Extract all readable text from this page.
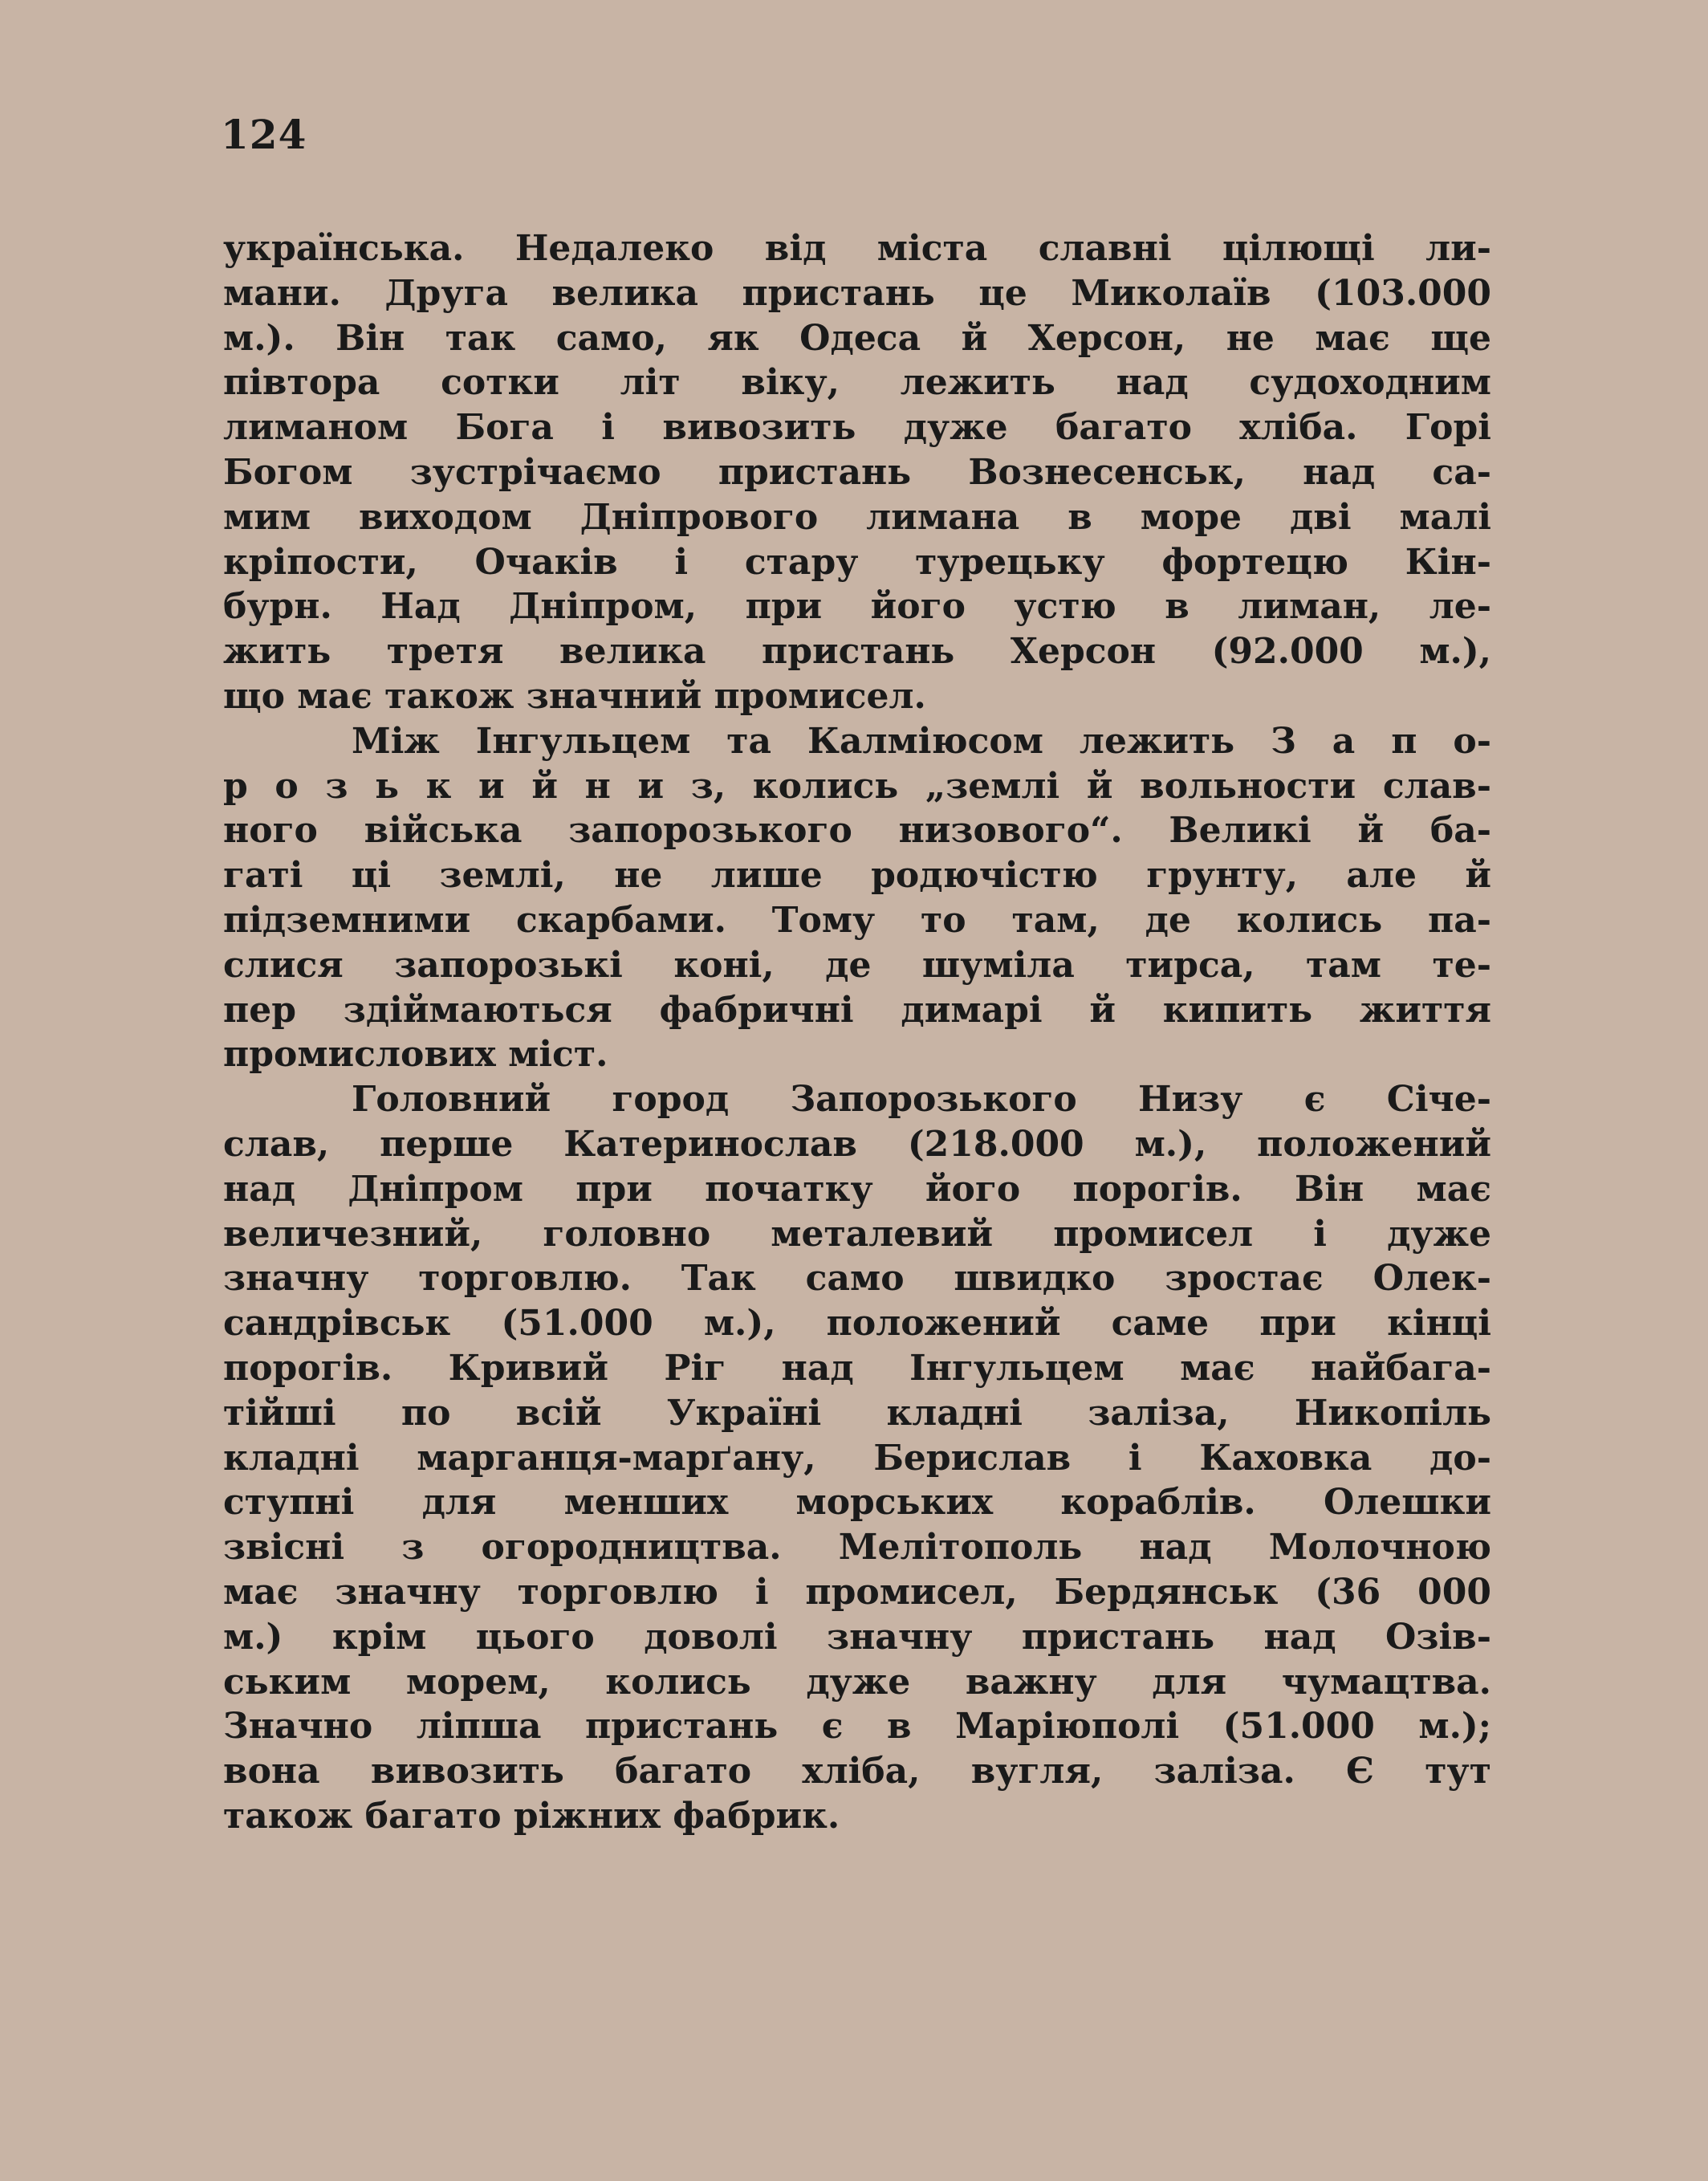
124
українська. Недалеко від міста славні цілющі ли-
мани. Друга велика пристань це Миколаїв (103.000
м.). Він так само, як Одеса й Херсон, не має ще
півтора сотки літ віку, лежить над судоходним
лиманом Бога і вивозить дуже багато хліба. Горі
Богом зустрічаємо пристань Вознесенськ, над са-
мим виходом Дніпрового лимана в море дві малі
кріпости, Очаків і стару турецьку фортецю Кін-
бурн. Над Дніпром, при його устю в лиман, ле-
жить третя велика пристань Херсон (92.000 м.),
що має також значний промисел.
Між Інгульцем та Калміюсом лежить З а п о-
р о з ь к и й н и з, колись „землі й вольности слав-
ного війська запорозького низового“. Великі й ба-
гаті ці землі, не лише родючістю грунту, але й
підземними скарбами. Тому то там, де колись па-
слися запорозькі коні, де шуміла тирса, там те-
пер здіймаються фабричні димарі й кипить життя
промислових міст.
Головний город Запорозького Низу є Січе-
слав, перше Катеринослав (218.000 м.), положений
над Дніпром при початку його порогів. Він має
величезний, головно металевий промисел і дуже
значну торговлю. Так само швидко зростає Олек-
сандрівськ (51.000 м.), положений саме при кінці
порогів. Кривий Ріг над Інгульцем має найбага-
тійші по всій Україні кладні заліза, Никопіль
кладні марганця-марґану, Берислав і Каховка до-
ступні для менших морських кораблів. Олешки
звісні з огородництва. Мелітополь над Молочною
має значну торговлю і промисел, Бердянськ (36 000
м.) крім цього доволі значну пристань над Озів-
ським морем, колись дуже важну для чумацтва.
Значно ліпша пристань є в Маріюполі (51.000 м.);
вона вивозить багато хліба, вугля, заліза. Є тут
також багато ріжних фабрик.
